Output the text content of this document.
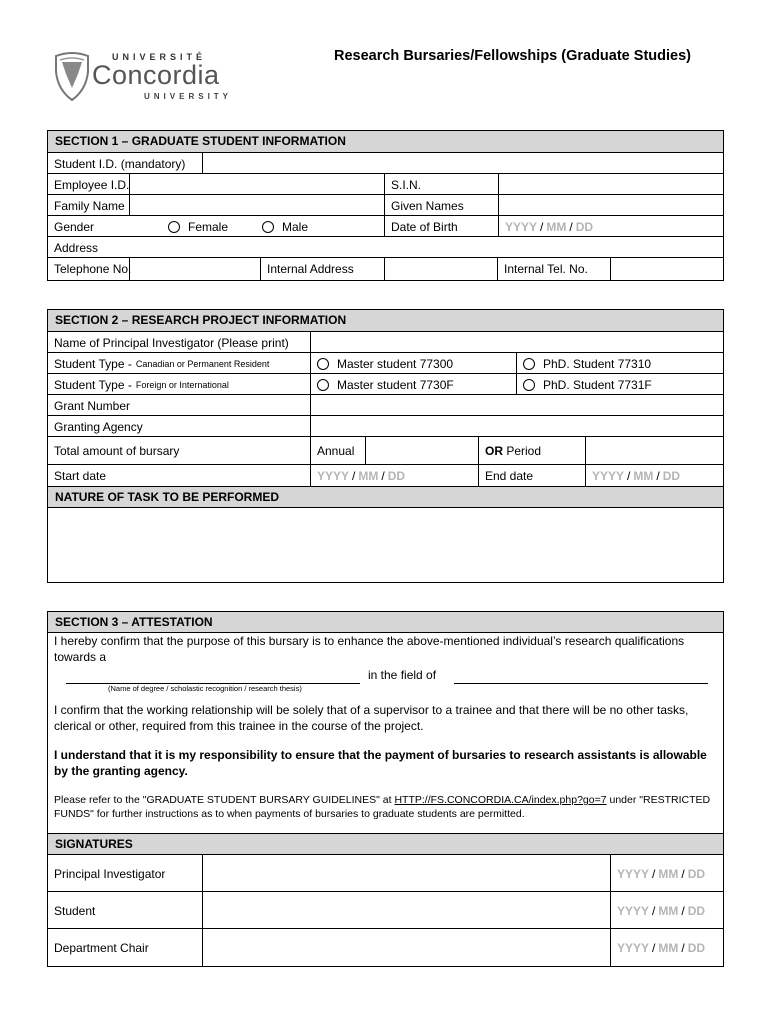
UNIVERSITÉ
Concordia
UNIVERSITY
Research Bursaries/Fellowships (Graduate Studies)
SECTION 1 – GRADUATE STUDENT INFORMATION
Student I.D. (mandatory)
Employee I.D.	S.I.N.
Family Name	Given Names
Gender	Female	Male	Date of Birth	YYYY / MM / DD
Address
Telephone No.	Internal Address	Internal Tel. No.
SECTION 2 – RESEARCH PROJECT INFORMATION
Name of Principal Investigator (Please print)
Student Type - Canadian or Permanent Resident	Master student 77300	PhD. Student 77310
Student Type - Foreign or International	Master student 7730F	PhD. Student 7731F
Grant Number
Granting Agency
Total amount of bursary	Annual	OR Period
Start date	YYYY / MM / DD	End date	YYYY / MM / DD
NATURE OF TASK TO BE PERFORMED
SECTION 3 – ATTESTATION
I hereby confirm that the purpose of this bursary is to enhance the above-mentioned individual’s research qualifications towards a
in the field of
(Name of degree / scholastic recognition / research thesis)
I confirm that the working relationship will be solely that of a supervisor to a trainee and that there will be no other tasks, clerical or other, required from this trainee in the course of the project.
I understand that it is my responsibility to ensure that the payment of bursaries to research assistants is allowable by the granting agency.
Please refer to the "GRADUATE STUDENT BURSARY GUIDELINES" at HTTP://FS.CONCORDIA.CA/index.php?go=7 under "RESTRICTED FUNDS" for further instructions as to when payments of bursaries to graduate students are permitted.
SIGNATURES
Principal Investigator	YYYY / MM / DD
Student	YYYY / MM / DD
Department Chair	YYYY / MM / DD
